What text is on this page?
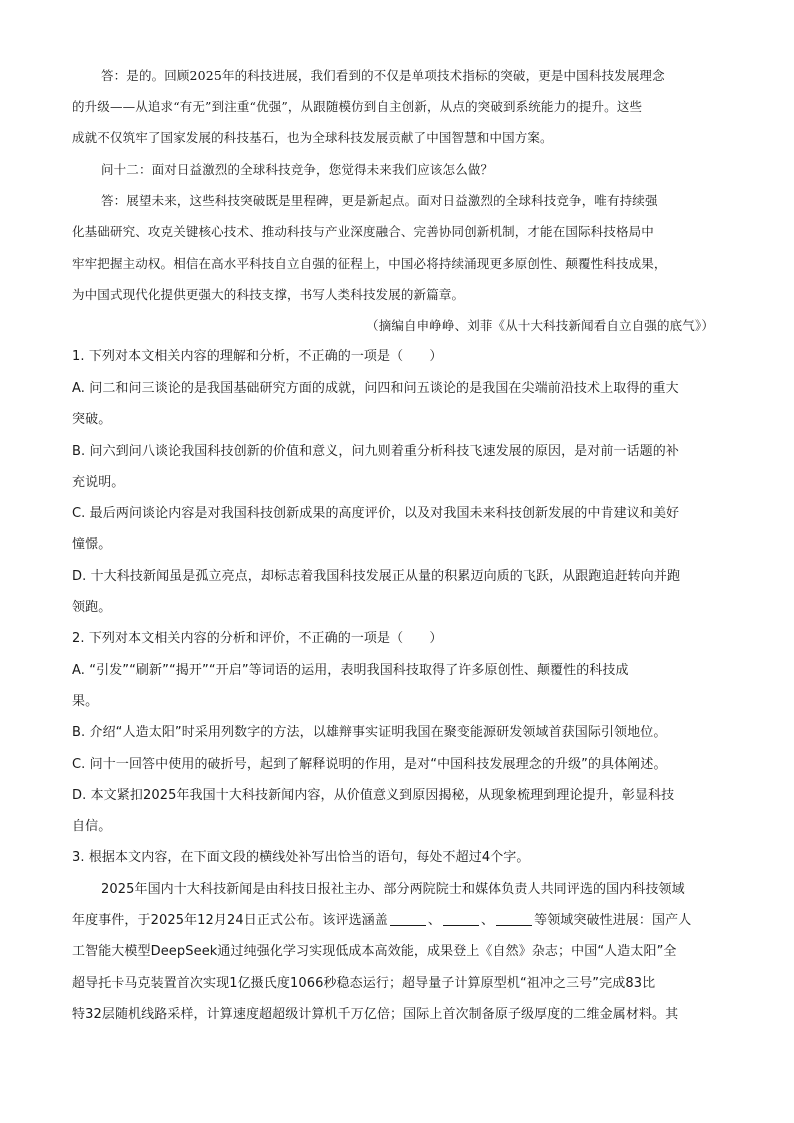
答：是的。回顾2025年的科技进展，我们看到的不仅是单项技术指标的突破，更是中国科技发展理念
的升级——从追求“有无”到注重“优强”，从跟随模仿到自主创新，从点的突破到系统能力的提升。这些
成就不仅筑牢了国家发展的科技基石，也为全球科技发展贡献了中国智慧和中国方案。
问十二：面对日益激烈的全球科技竞争，您觉得未来我们应该怎么做？
答：展望未来，这些科技突破既是里程碑，更是新起点。面对日益激烈的全球科技竞争，唯有持续强
化基础研究、攻克关键核心技术、推动科技与产业深度融合、完善协同创新机制，才能在国际科技格局中
牢牢把握主动权。相信在高水平科技自立自强的征程上，中国必将持续涌现更多原创性、颠覆性科技成果，
为中国式现代化提供更强大的科技支撑，书写人类科技发展的新篇章。
（摘编自申峥峥、刘菲《从十大科技新闻看自立自强的底气》）
1. 下列对本文相关内容的理解和分析，不正确的一项是（　　）
A. 问二和问三谈论的是我国基础研究方面的成就，问四和问五谈论的是我国在尖端前沿技术上取得的重大
突破。
B. 问六到问八谈论我国科技创新的价值和意义，问九则着重分析科技飞速发展的原因，是对前一话题的补
充说明。
C. 最后两问谈论内容是对我国科技创新成果的高度评价，以及对我国未来科技创新发展的中肯建议和美好
憧憬。
D. 十大科技新闻虽是孤立亮点，却标志着我国科技发展正从量的积累迈向质的飞跃，从跟跑追赶转向并跑
领跑。
2. 下列对本文相关内容的分析和评价，不正确的一项是（　　）
A. “引发”“刷新”“揭开”“开启”等词语的运用，表明我国科技取得了许多原创性、颠覆性的科技成
果。
B. 介绍“人造太阳”时采用列数字的方法，以雄辩事实证明我国在聚变能源研发领域首获国际引领地位。
C. 问十一回答中使用的破折号，起到了解释说明的作用，是对“中国科技发展理念的升级”的具体阐述。
D. 本文紧扣2025年我国十大科技新闻内容，从价值意义到原因揭秘，从现象梳理到理论提升，彰显科技
自信。
3. 根据本文内容，在下面文段的横线处补写出恰当的语句，每处不超过4个字。
2025年国内十大科技新闻是由科技日报社主办、部分两院院士和媒体负责人共同评选的国内科技领域
年度事件，于2025年12月24日正式公布。该评选涵盖	、	、	等领域突破性进展：国产人
工智能大模型DeepSeek通过纯强化学习实现低成本高效能，成果登上《自然》杂志；中国“人造太阳”全
超导托卡马克装置首次实现1亿摄氏度1066秒稳态运行；超导量子计算原型机“祖冲之三号”完成83比
特32层随机线路采样，计算速度超超级计算机千万亿倍；国际上首次制备原子级厚度的二维金属材料。其
